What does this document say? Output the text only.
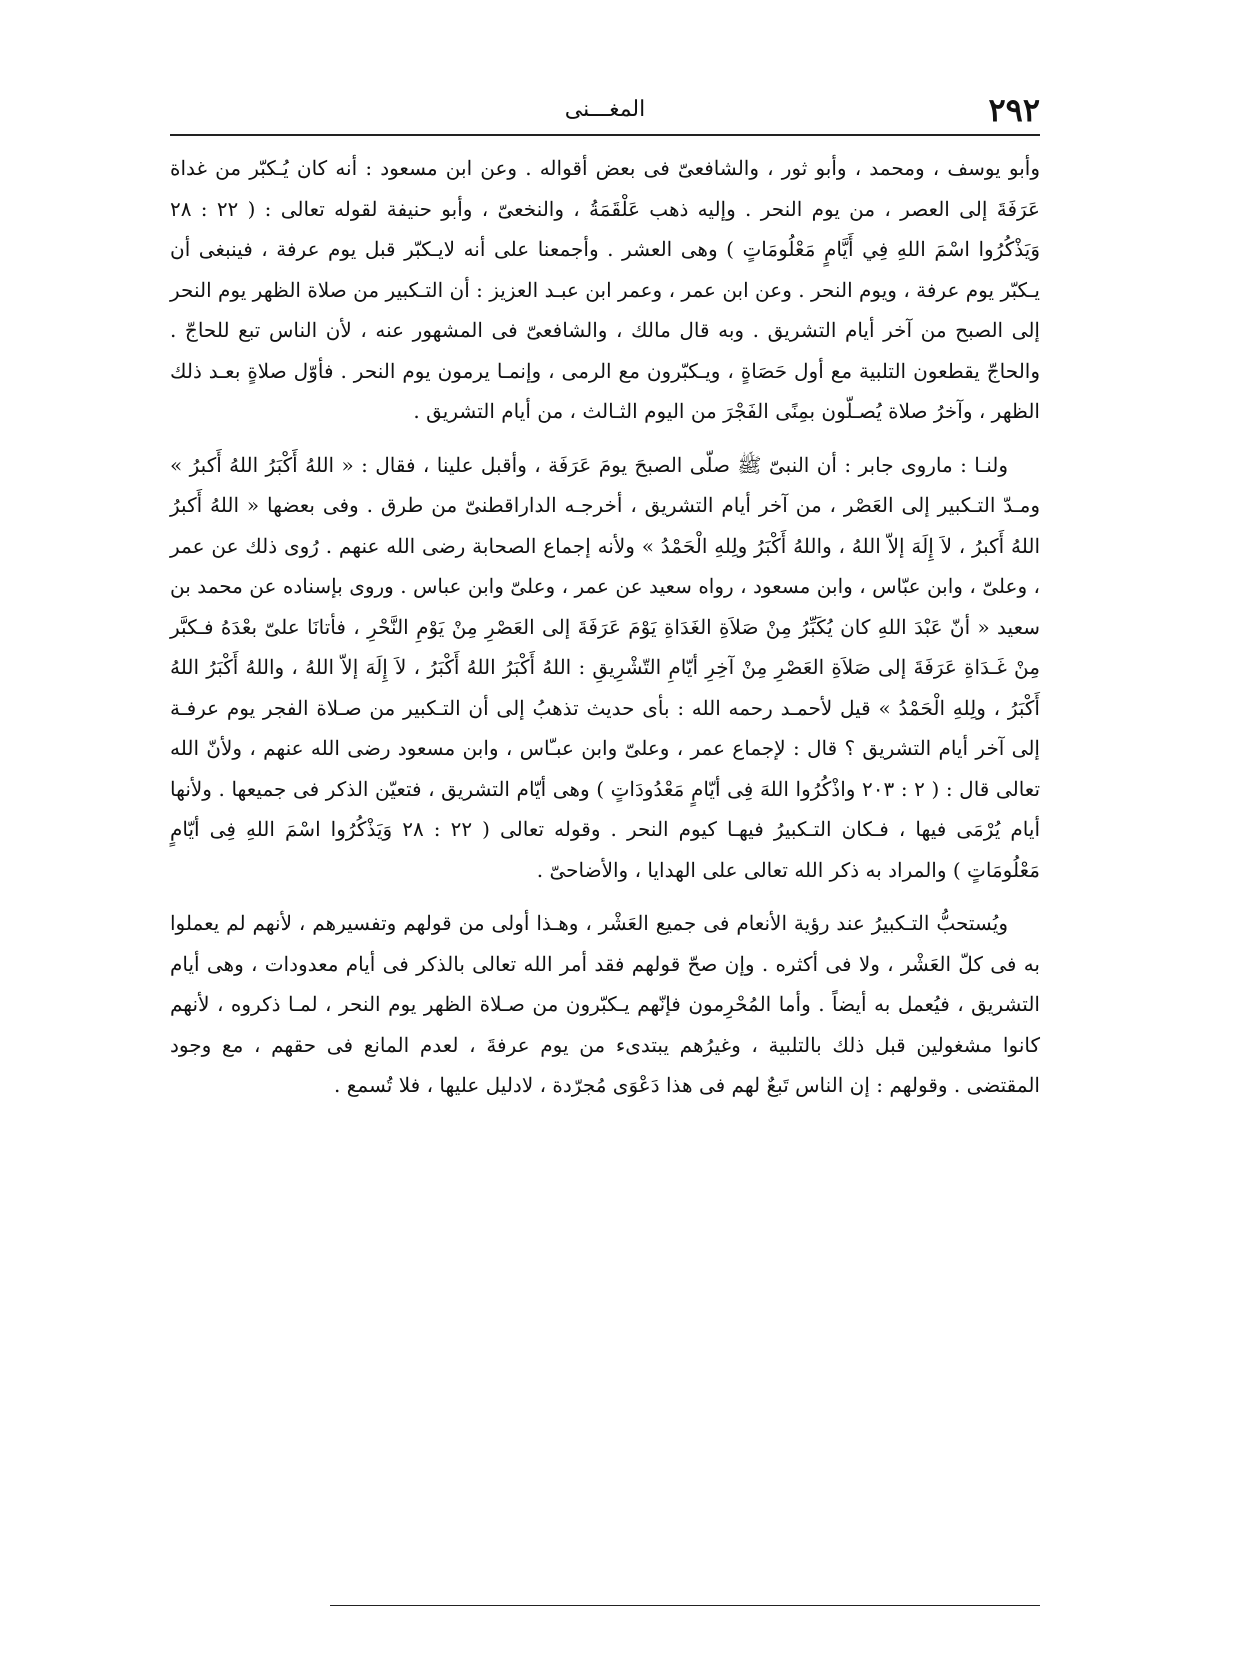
٢٩٢
المغـــنى

وأبو يوسف ، ومحمد ، وأبو ثور ، والشافعىّ فى بعض أقواله . وعن ابن مسعود : أنه كان يُـكبّر من غداة عَرَفَةَ إلى العصر ، من يوم النحر . وإليه ذهب عَلْقَمَةُ ، والنخعىّ ، وأبو حنيفة لقوله تعالى : ( ٢٢ : ٢٨ وَيَذْكُرُوا اسْمَ اللهِ فِي أَيَّامٍ مَعْلُومَاتٍ ) وهى العشر . وأجمعنا على أنه لايـكبّر قبل يوم عرفة ، فينبغى أن يـكبّر يوم عرفة ، ويوم النحر . وعن ابن عمر ، وعمر ابن عبـد العزيز : أن التـكبير من صلاة الظهر يوم النحر إلى الصبح من آخر أيام التشريق . وبه قال مالك ، والشافعىّ فى المشهور عنه ، لأن الناس تبع للحاجّ . والحاجّ يقطعون التلبية مع أول حَصَاةٍ ، ويـكبّرون مع الرمى ، وإنمـا يرمون يوم النحر . فأوّل صلاةٍ بعـد ذلك الظهر ، وآخرُ صلاة يُصـلّون بمِنًى الفَجْرَ من اليوم الثـالث ، من أيام التشريق .

ولنـا : ماروى جابر : أن النبىّ ﷺ صلّى الصبحَ يومَ عَرَفَة ، وأقبل علينا ، فقال : « اللهُ أَكْبَرُ اللهُ أَكبرُ » ومـدّ التـكبير إلى العَصْر ، من آخر أيام التشريق ، أخرجـه الداراقطنىّ من طرق . وفى بعضها « اللهُ أَكبرُ اللهُ أَكبرُ ، لاَ إِلَهَ إلاّ اللهُ ، واللهُ أَكْبَرُ ولِلهِ الْحَمْدُ » ولأنه إجماع الصحابة رضى الله عنهم . رُوى ذلك عن عمر ، وعلىّ ، وابن عبّاس ، وابن مسعود ، رواه سعيد عن عمر ، وعلىّ وابن عباس . وروى بإسناده عن محمد بن سعيد « أنّ عَبْدَ اللهِ كان يُكَبِّرُ مِنْ صَلاَةِ الغَدَاةِ يَوْمَ عَرَفَةَ إلى العَصْرِ مِنْ يَوْمِ النَّحْرِ ، فأتانَا علىّ بعْدَهُ فـكبَّر مِنْ غَـدَاةِ عَرَفَةَ إلى صَلاَةِ العَصْرِ مِنْ آخِرِ أيّامِ التّشْرِيقِ : اللهُ أَكْبَرُ اللهُ أَكْبَرُ ، لاَ إِلَهَ إلاّ اللهُ ، واللهُ أَكْبَرُ اللهُ أَكْبَرُ ، ولِلهِ الْحَمْدُ » قيل لأحمـد رحمه الله : بأى حديث تذهبُ إلى أن التـكبير من صـلاة الفجر يوم عرفـة إلى آخر أيام التشريق ؟ قال : لإجماع عمر ، وعلىّ وابن عبـّاس ، وابن مسعود رضى الله عنهم ، ولأنّ الله تعالى قال : ( ٢ : ٢٠٣ واذْكُرُوا اللهَ فِى أيّامٍ مَعْدُودَاتٍ ) وهى أيّام التشريق ، فتعيّن الذكر فى جميعها . ولأنها أيام يُرْمَى فيها ، فـكان التـكبيرُ فيهـا كيوم النحر . وقوله تعالى ( ٢٢ : ٢٨ وَيَذْكُرُوا اسْمَ اللهِ فِى أيّامٍ مَعْلُومَاتٍ ) والمراد به ذكر الله تعالى على الهدايا ، والأضاحىّ .

ويُستحبُّ التـكبيرُ عند رؤية الأنعام فى جميع العَشْر ، وهـذا أولى من قولهم وتفسيرهم ، لأنهم لم يعملوا به فى كلّ العَشْر ، ولا فى أكثره . وإن صحّ قولهم فقد أمر الله تعالى بالذكر فى أيام معدودات ، وهى أيام التشريق ، فيُعمل به أيضاً . وأما المُحْرِمون فإنّهم يـكبّرون من صـلاة الظهر يوم النحر ، لمـا ذكروه ، لأنهم كانوا مشغولين قبل ذلك بالتلبية ، وغيرُهم يبتدىء من يوم عرفةَ ، لعدم المانع فى حقهم ، مع وجود المقتضى . وقولهم : إن الناس تَبعٌ لهم فى هذا دَعْوَى مُجرّدة ، لادليل عليها ، فلا تُسمع .
